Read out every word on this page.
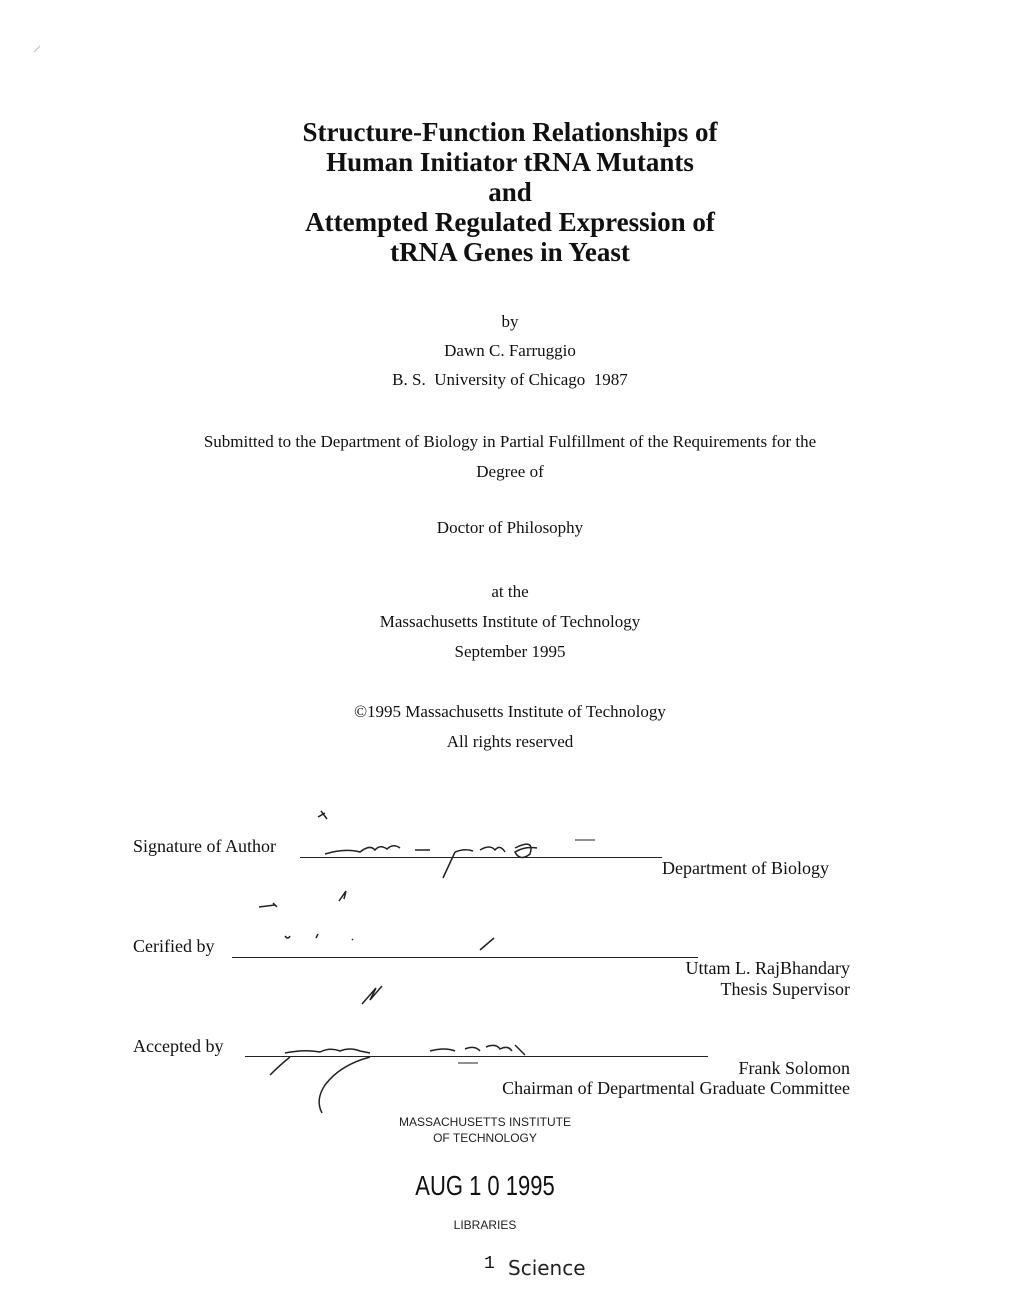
Structure-Function Relationships of
Human Initiator tRNA Mutants
and
Attempted Regulated Expression of
tRNA Genes in Yeast
by
Dawn C. Farruggio
B. S.  University of Chicago  1987
Submitted to the Department of Biology in Partial Fulfillment of the Requirements for the
Degree of
Doctor of Philosophy
at the
Massachusetts Institute of Technology
September 1995
©1995 Massachusetts Institute of Technology
All rights reserved
Signature of Author
Department of Biology
Cerified by
Uttam L. RajBhandary
Thesis Supervisor
Accepted by
Frank Solomon
Chairman of Departmental Graduate Committee
MASSACHUSETTS INSTITUTE
OF TECHNOLOGY
AUG 1 0 1995
LIBRARIES
1 Science
